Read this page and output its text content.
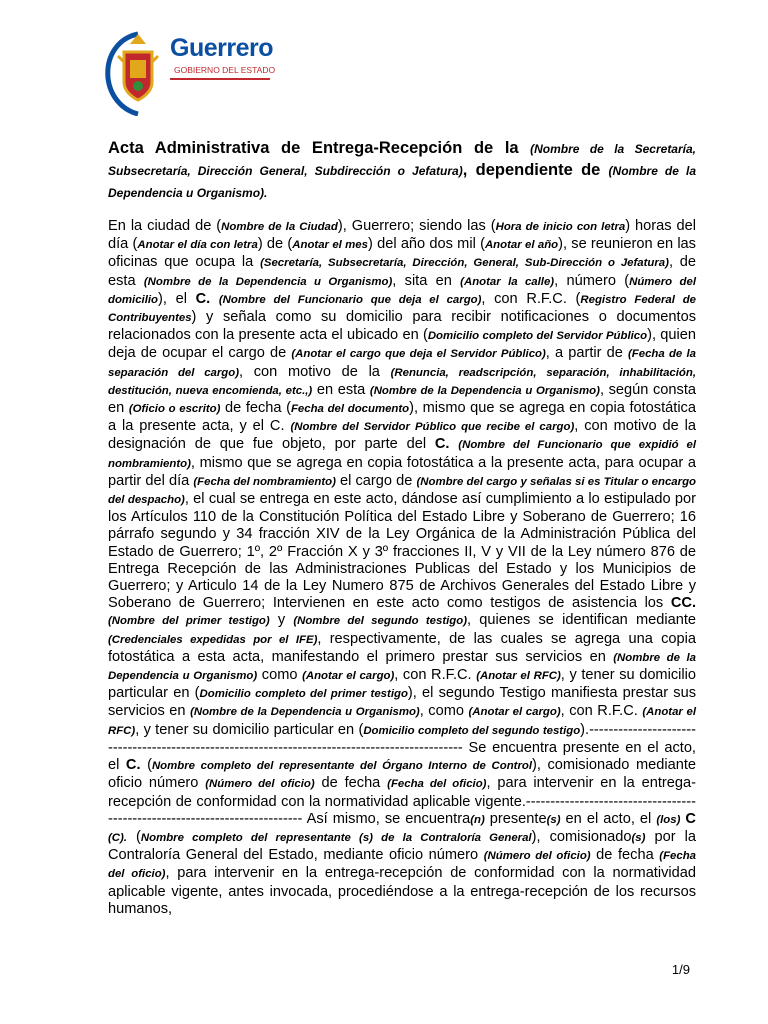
Guerrero
GOBIERNO DEL ESTADO

Acta Administrativa de Entrega-Recepción de la (Nombre de la Secretaría, Subsecretaría, Dirección General, Subdirección o Jefatura), dependiente de (Nombre de la Dependencia u Organismo).

En la ciudad de (Nombre de la Ciudad), Guerrero; siendo las (Hora de inicio con letra) horas del día (Anotar el día con letra) de (Anotar el mes) del año dos mil (Anotar el año), se reunieron en las oficinas que ocupa la (Secretaría, Subsecretaría, Dirección, General, Sub-Dirección o Jefatura), de esta (Nombre de la Dependencia u Organismo), sita en (Anotar la calle), número (Número del domicilio), el C. (Nombre del Funcionario que deja el cargo), con R.F.C. (Registro Federal de Contribuyentes) y señala como su domicilio para recibir notificaciones o documentos relacionados con la presente acta el ubicado en (Domicilio completo del Servidor Público), quien deja de ocupar el cargo de (Anotar el cargo que deja el Servidor Público), a partir de (Fecha de la separación del cargo), con motivo de la (Renuncia, readscripción, separación, inhabilitación, destitución, nueva encomienda, etc.,) en esta (Nombre de la Dependencia u Organismo), según consta en (Oficio o escrito) de fecha (Fecha del documento), mismo que se agrega en copia fotostática a la presente acta, y el C. (Nombre del Servidor Público que recibe el cargo), con motivo de la designación de que fue objeto, por parte del C. (Nombre del Funcionario que expidió el nombramiento), mismo que se agrega en copia fotostática a la presente acta, para ocupar a partir del día (Fecha del nombramiento) el cargo de (Nombre del cargo y señalas si es Titular o encargo del despacho), el cual se entrega en este acto, dándose así cumplimiento a lo estipulado por los Artículos 110 de la Constitución Política del Estado Libre y Soberano de Guerrero; 16 párrafo segundo y 34 fracción XIV de la Ley Orgánica de la Administración Pública del Estado de Guerrero; 1º, 2º Fracción X y 3º fracciones II, V y VII de la Ley número 876 de Entrega Recepción de las Administraciones Publicas del Estado y los Municipios de Guerrero; y Articulo 14 de la Ley Numero 875 de Archivos Generales del Estado Libre y Soberano de Guerrero; Intervienen en este acto como testigos de asistencia los CC. (Nombre del primer testigo) y (Nombre del segundo testigo), quienes se identifican mediante (Credenciales expedidas por el IFE), respectivamente, de las cuales se agrega una copia fotostática a esta acta, manifestando el primero prestar sus servicios en (Nombre de la Dependencia u Organismo) como (Anotar el cargo), con R.F.C. (Anotar el RFC), y tener su domicilio particular en (Domicilio completo del primer testigo), el segundo Testigo manifiesta prestar sus servicios en (Nombre de la Dependencia u Organismo), como (Anotar el cargo), con R.F.C. (Anotar el RFC), y tener su domicilio particular en (Domicilio completo del segundo testigo).----------------------------------------------------------------------------------------------- Se encuentra presente en el acto, el C. (Nombre completo del representante del Órgano Interno de Control), comisionado mediante oficio número (Número del oficio) de fecha (Fecha del oficio), para intervenir en la entrega-recepción de conformidad con la normatividad aplicable vigente.--------------------------------------------------------------------------- Así mismo, se encuentra(n) presente(s) en el acto, el (los) C (C). (Nombre completo del representante (s) de la Contraloría General), comisionado(s) por la Contraloría General del Estado, mediante oficio número (Número del oficio) de fecha (Fecha del oficio), para intervenir en la entrega-recepción de conformidad con la normatividad aplicable vigente, antes invocada, procediéndose a la entrega-recepción de los recursos humanos,

1/9
